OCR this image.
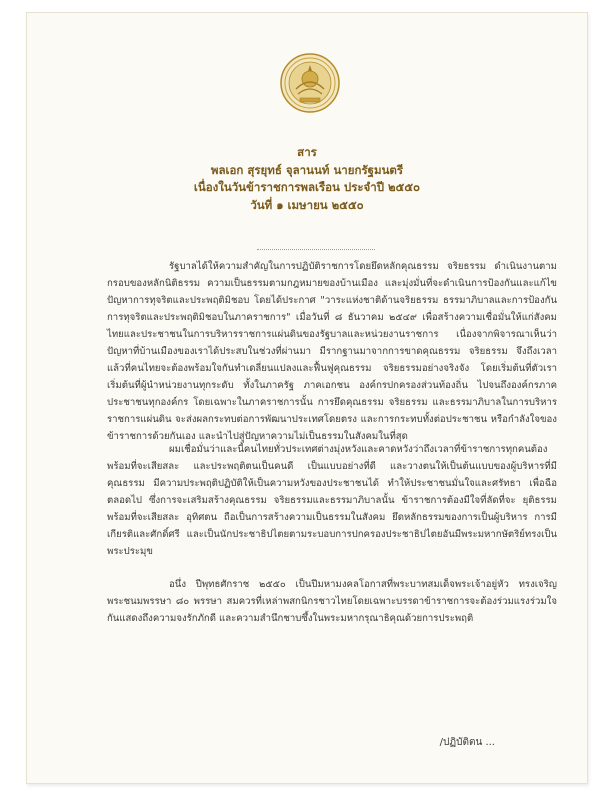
สาร
พลเอก สุรยุทธ์ จุลานนท์ นายกรัฐมนตรี
เนื่องในวันข้าราชการพลเรือน ประจำปี ๒๕๕๐
วันที่ ๑ เมษายน ๒๕๕๐

รัฐบาลได้ให้ความสำคัญในการปฏิบัติราชการโดยยึดหลักคุณธรรม จริยธรรม ดำเนินงานตามกรอบของหลักนิติธรรม ความเป็นธรรมตามกฎหมายของบ้านเมือง และมุ่งมั่นที่จะดำเนินการป้องกันและแก้ไขปัญหาการทุจริตและประพฤติมิชอบ โดยได้ประกาศ "วาระแห่งชาติด้านจริยธรรม ธรรมาภิบาลและการป้องกันการทุจริตและประพฤติมิชอบในภาคราชการ" เมื่อวันที่ ๘ ธันวาคม ๒๕๔๙ เพื่อสร้างความเชื่อมั่นให้แก่สังคมไทยและประชาชนในการบริหารราชการแผ่นดินของรัฐบาลและหน่วยงานราชการ เนื่องจากพิจารณาเห็นว่าปัญหาที่บ้านเมืองของเราได้ประสบในช่วงที่ผ่านมา มีรากฐานมาจากการขาดคุณธรรม จริยธรรม จึงถึงเวลาแล้วที่คนไทยจะต้องพร้อมใจกันทำเดลี่ยนแปลงและฟื้นฟูคุณธรรม จริยธรรมอย่างจริงจัง โดยเริ่มต้นที่ตัวเรา เริ่มต้นที่ผู้นำหน่วยงานทุกระดับ ทั้งในภาครัฐ ภาคเอกชน องค์กรปกครองส่วนท้องถิ่น ไปจนถึงองค์กรภาคประชาชนทุกองค์กร โดยเฉพาะในภาคราชการนั้น การยึดคุณธรรม จริยธรรม และธรรมาภิบาลในการบริหารราชการแผ่นดิน จะส่งผลกระทบต่อการพัฒนาประเทศโดยตรง และการกระทบทั้งต่อประชาชน หรือกำลังใจของข้าราชการด้วยกันเอง และนำไปสู่ปัญหาความไม่เป็นธรรมในสังคมในที่สุด

ผมเชื่อมั่นว่าและนี้คนไทยทั่วประเทศต่างมุ่งหวังและคาดหวังว่าถึงเวลาที่ข้าราชการทุกคนต้องพร้อมที่จะเสียสละ และประพฤติตนเป็นคนดี เป็นแบบอย่างที่ดี และวางตนให้เป็นต้นแบบของผู้บริหารที่มีคุณธรรม มีความประพฤติปฏิบัติให้เป็นความหวังของประชาชนได้ ทำให้ประชาชนมั่นใจและศรัทธา เพื่อฉือตลอดไป ซึ่งการจะเสริมสร้างคุณธรรม จริยธรรมและธรรมาภิบาลนั้น ข้าราชการต้องมีใจที่ลัดที่จะ ยุติธรรม พร้อมที่จะเสียสละ อุทิศตน ถือเป็นการสร้างความเป็นธรรมในสังคม ยึดหลักธรรมของการเป็นผู้บริหาร การมีเกียรติและศักดิ์ศรี และเป็นนักประชาธิปไตยตามระบอบการปกครองประชาธิปไตยอันมีพระมหากษัตริย์ทรงเป็นพระประมุข

อนึ่ง ปีพุทธศักราช ๒๕๕๐ เป็นปีมหามงคลโอกาสที่พระบาทสมเด็จพระเจ้าอยู่หัว ทรงเจริญพระชนมพรรษา ๘๐ พรรษา สมควรที่เหล่าพสกนิกรชาวไทยโดยเฉพาะบรรดาข้าราชการจะต้องร่วมแรงร่วมใจกันแสดงถึงความจงรักภักดี และความสำนึกชาบซึ้งในพระมหากรุณาธิคุณด้วยการประพฤติ

/ปฏิบัติตน ...
